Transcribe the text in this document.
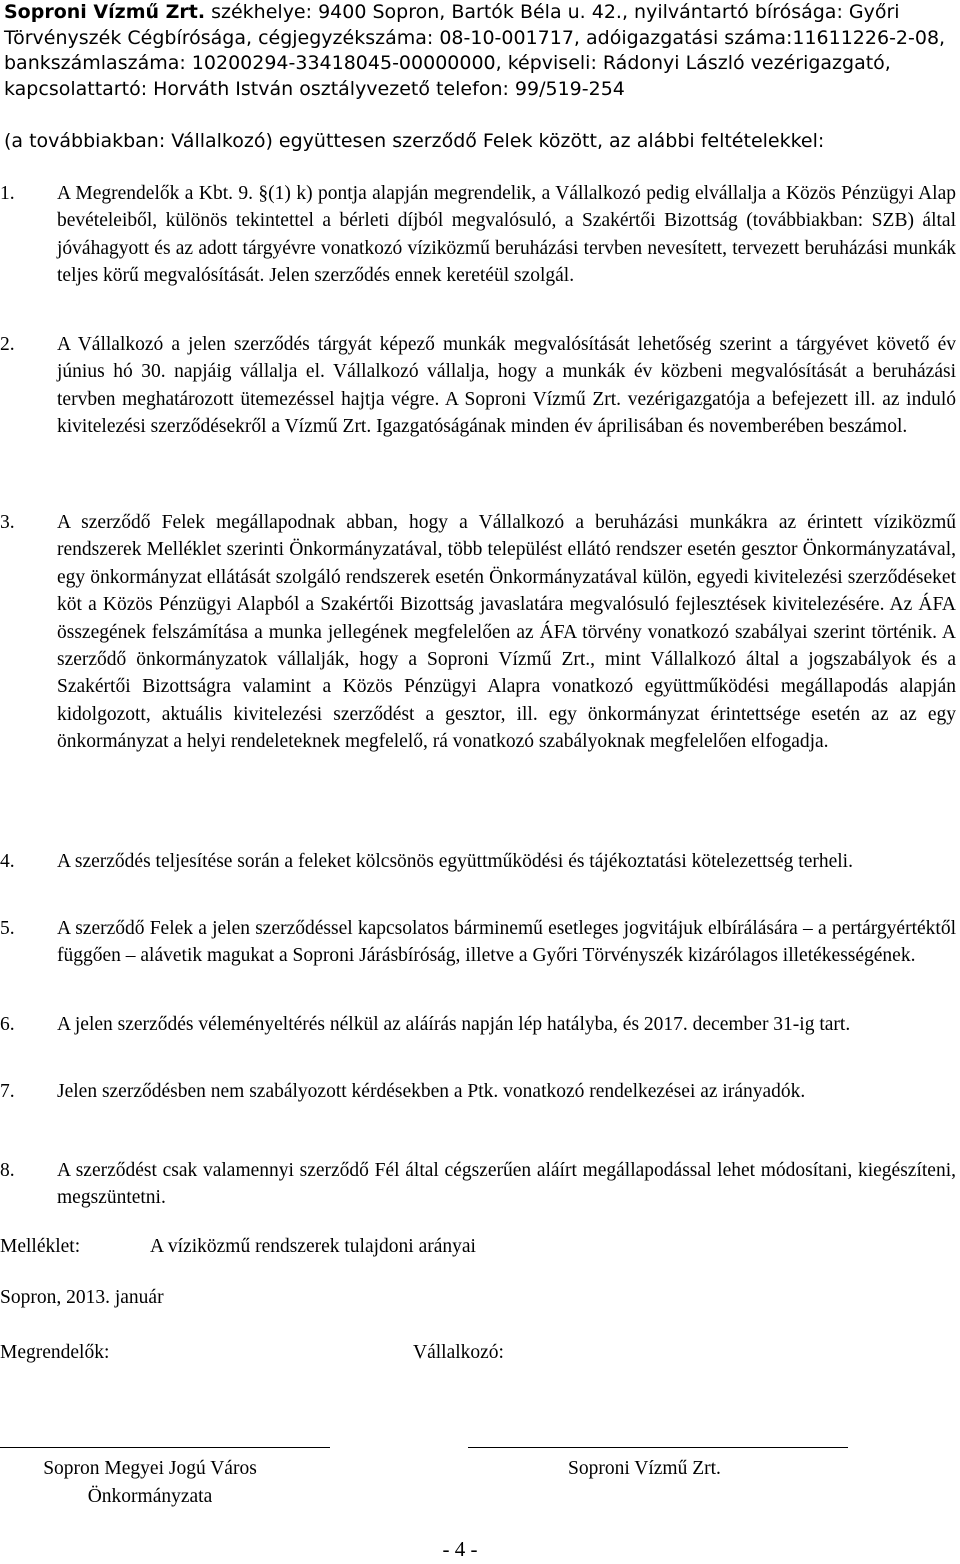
Soproni Vízmű Zrt. székhelye: 9400 Sopron, Bartók Béla u. 42., nyilvántartó bírósága: Győri Törvényszék Cégbírósága, cégjegyzékszáma: 08-10-001717, adóigazgatási száma:11611226-2-08, bankszámlaszáma: 10200294-33418045-00000000, képviseli: Rádonyi László vezérigazgató, kapcsolattartó: Horváth István osztályvezető telefon: 99/519-254
(a továbbiakban: Vállalkozó) együttesen szerződő Felek között, az alábbi feltételekkel:
1.	A Megrendelők a Kbt. 9. §(1) k) pontja alapján megrendelik, a Vállalkozó pedig elvállalja a Közös Pénzügyi Alap bevételeiből, különös tekintettel a bérleti díjból megvalósuló, a Szakértői Bizottság (továbbiakban: SZB) által jóváhagyott és az adott tárgyévre vonatkozó víziközmű beruházási tervben nevesített, tervezett beruházási munkák teljes körű megvalósítását. Jelen szerződés ennek keretéül szolgál.
2.	A Vállalkozó a jelen szerződés tárgyát képező munkák megvalósítását lehetőség szerint a tárgyévet követő év június hó 30. napjáig vállalja el. Vállalkozó vállalja, hogy a munkák év közbeni megvalósítását a beruházási tervben meghatározott ütemezéssel hajtja végre. A Soproni Vízmű Zrt. vezérigazgatója a befejezett ill. az induló kivitelezési szerződésekről a Vízmű Zrt. Igazgatóságának minden év áprilisában és novemberében beszámol.
3.	A szerződő Felek megállapodnak abban, hogy a Vállalkozó a beruházási munkákra az érintett víziközmű rendszerek Melléklet szerinti Önkormányzatával, több települést ellátó rendszer esetén gesztor Önkormányzatával, egy önkormányzat ellátását szolgáló rendszerek esetén Önkormányzatával külön, egyedi kivitelezési szerződéseket köt a Közös Pénzügyi Alapból a Szakértői Bizottság javaslatára megvalósuló fejlesztések kivitelezésére. Az ÁFA összegének felszámítása a munka jellegének megfelelően az ÁFA törvény vonatkozó szabályai szerint történik. A szerződő önkormányzatok vállalják, hogy a Soproni Vízmű Zrt., mint Vállalkozó által a jogszabályok és a Szakértői Bizottságra valamint a Közös Pénzügyi Alapra vonatkozó együttműködési megállapodás alapján kidolgozott, aktuális kivitelezési szerződést a gesztor, ill. egy önkormányzat érintettsége esetén az az egy önkormányzat a helyi rendeleteknek megfelelő, rá vonatkozó szabályoknak megfelelően elfogadja.
4.	A szerződés teljesítése során a feleket kölcsönös együttműködési és tájékoztatási kötelezettség terheli.
5.	A szerződő Felek a jelen szerződéssel kapcsolatos bárminemű esetleges jogvitájuk elbírálására – a pertárgyértéktől függően – alávetik magukat a Soproni Járásbíróság, illetve a Győri Törvényszék kizárólagos illetékességének.
6.	A jelen szerződés véleményeltérés nélkül az aláírás napján lép hatályba, és 2017. december 31-ig tart.
7.	Jelen szerződésben nem szabályozott kérdésekben a Ptk. vonatkozó rendelkezései az irányadók.
8.	A szerződést csak valamennyi szerződő Fél által cégszerűen aláírt megállapodással lehet módosítani, kiegészíteni, megszüntetni.
Melléklet:	A víziközmű rendszerek tulajdoni arányai
Sopron, 2013. január
Megrendelők:	Vállalkozó:
Sopron Megyei Jogú Város
Önkormányzata
Soproni Vízmű Zrt.
- 4 -
